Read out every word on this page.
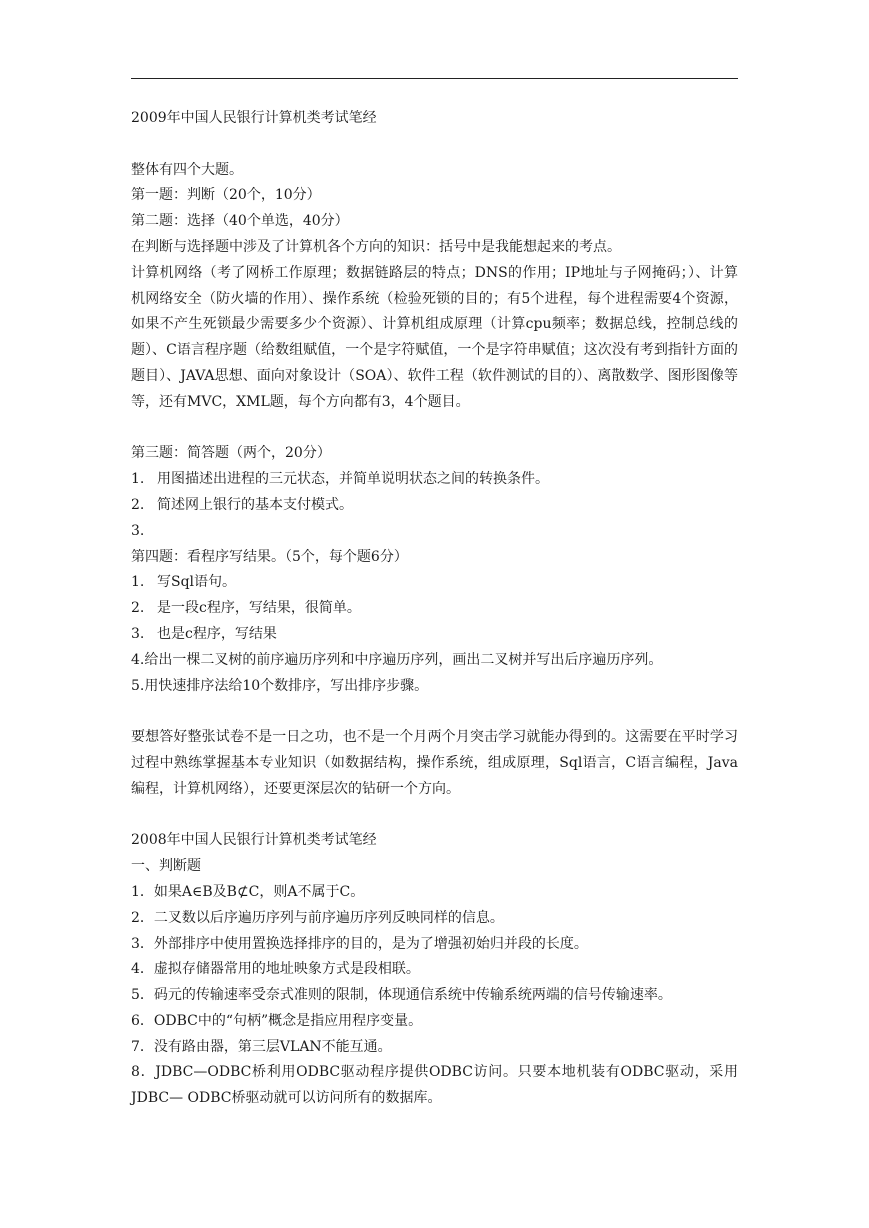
2009年中国人民银行计算机类考试笔经
整体有四个大题。
第一题：判断（20个，10分）
第二题：选择（40个单选，40分）
在判断与选择题中涉及了计算机各个方向的知识：括号中是我能想起来的考点。

计算机网络（考了网桥工作原理；数据链路层的特点；DNS的作用；IP地址与子网掩码；）、计算机网络安全（防火墙的作用）、操作系统（检验死锁的目的；有5个进程，每个进程需要4个资源，如果不产生死锁最少需要多少个资源）、计算机组成原理（计算cpu频率；数据总线，控制总线的题）、C语言程序题（给数组赋值，一个是字符赋值，一个是字符串赋值；这次没有考到指针方面的题目）、JAVA思想、面向对象设计（SOA）、软件工程（软件测试的目的）、离散数学、图形图像等等，还有MVC，XML题，每个方向都有3，4个题目。

第三题：简答题（两个，20分）
1. 用图描述出进程的三元状态，并简单说明状态之间的转换条件。
2. 简述网上银行的基本支付模式。
3.
第四题：看程序写结果。（5个，每个题6分）
1. 写Sql语句。
2. 是一段c程序，写结果，很简单。
3. 也是c程序，写结果
4.给出一棵二叉树的前序遍历序列和中序遍历序列，画出二叉树并写出后序遍历序列。
5.用快速排序法给10个数排序，写出排序步骤。

要想答好整张试卷不是一日之功，也不是一个月两个月突击学习就能办得到的。这需要在平时学习过程中熟练掌握基本专业知识（如数据结构，操作系统，组成原理，Sql语言，C语言编程，Java编程，计算机网络），还要更深层次的钻研一个方向。

2008年中国人民银行计算机类考试笔经
一、判断题
1．如果A∈B及B⊄C，则A不属于C。
2．二叉数以后序遍历序列与前序遍历序列反映同样的信息。
3．外部排序中使用置换选择排序的目的，是为了增强初始归并段的长度。
4．虚拟存储器常用的地址映象方式是段相联。
5．码元的传输速率受奈式准则的限制，体现通信系统中传输系统两端的信号传输速率。
6．ODBC中的“句柄”概念是指应用程序变量。
7．没有路由器，第三层VLAN不能互通。

8．JDBC—ODBC桥利用ODBC驱动程序提供ODBC访问。只要本地机装有ODBC驱动，采用JDBC— ODBC桥驱动就可以访问所有的数据库。
